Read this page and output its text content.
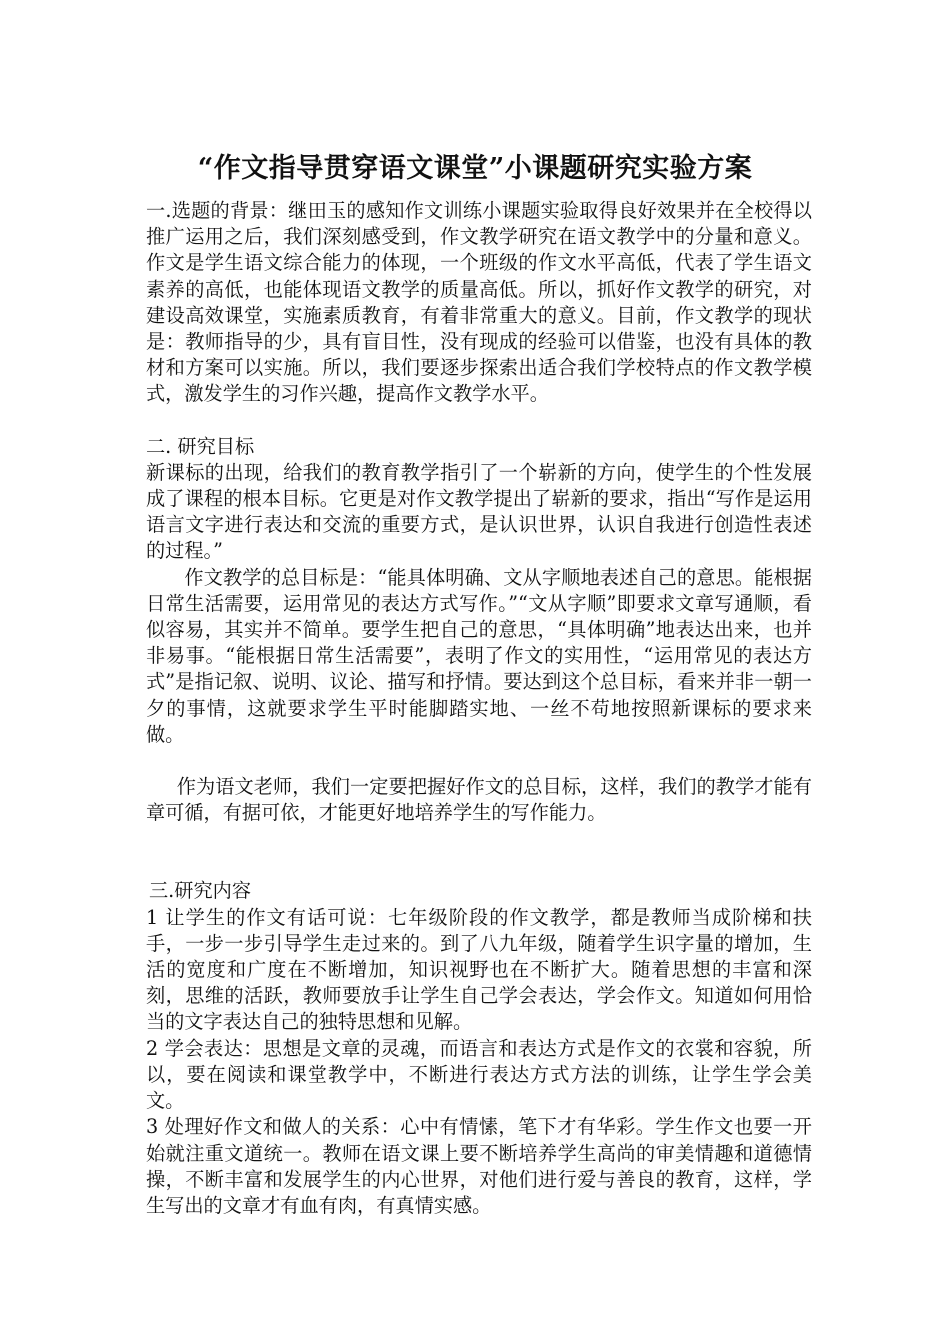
“作文指导贯穿语文课堂”小课题研究实验方案

一.选题的背景：继田玉的感知作文训练小课题实验取得良好效果并在全校得以推广运用之后，我们深刻感受到，作文教学研究在语文教学中的分量和意义。作文是学生语文综合能力的体现，一个班级的作文水平高低，代表了学生语文素养的高低，也能体现语文教学的质量高低。所以，抓好作文教学的研究，对建设高效课堂，实施素质教育，有着非常重大的意义。目前，作文教学的现状是：教师指导的少，具有盲目性，没有现成的经验可以借鉴，也没有具体的教材和方案可以实施。所以，我们要逐步探索出适合我们学校特点的作文教学模式，激发学生的习作兴趣，提高作文教学水平。

二. 研究目标

新课标的出现，给我们的教育教学指引了一个崭新的方向，使学生的个性发展成了课程的根本目标。它更是对作文教学提出了崭新的要求，指出“写作是运用语言文字进行表达和交流的重要方式，是认识世界，认识自我进行创造性表述的过程。”

作文教学的总目标是：“能具体明确、文从字顺地表述自己的意思。能根据日常生活需要，运用常见的表达方式写作。”“文从字顺”即要求文章写通顺，看似容易，其实并不简单。要学生把自己的意思，“具体明确”地表达出来，也并非易事。“能根据日常生活需要”，表明了作文的实用性，“运用常见的表达方式”是指记叙、说明、议论、描写和抒情。要达到这个总目标，看来并非一朝一夕的事情，这就要求学生平时能脚踏实地、一丝不苟地按照新课标的要求来做。

作为语文老师，我们一定要把握好作文的总目标，这样，我们的教学才能有章可循，有据可依，才能更好地培养学生的写作能力。

三.研究内容

1 让学生的作文有话可说：七年级阶段的作文教学，都是教师当成阶梯和扶手，一步一步引导学生走过来的。到了八九年级，随着学生识字量的增加，生活的宽度和广度在不断增加，知识视野也在不断扩大。随着思想的丰富和深刻，思维的活跃，教师要放手让学生自己学会表达，学会作文。知道如何用恰当的文字表达自己的独特思想和见解。

2 学会表达：思想是文章的灵魂，而语言和表达方式是作文的衣裳和容貌，所以，要在阅读和课堂教学中，不断进行表达方式方法的训练，让学生学会美文。

3 处理好作文和做人的关系：心中有情愫，笔下才有华彩。学生作文也要一开始就注重文道统一。教师在语文课上要不断培养学生高尚的审美情趣和道德情操，不断丰富和发展学生的内心世界，对他们进行爱与善良的教育，这样，学生写出的文章才有血有肉，有真情实感。
